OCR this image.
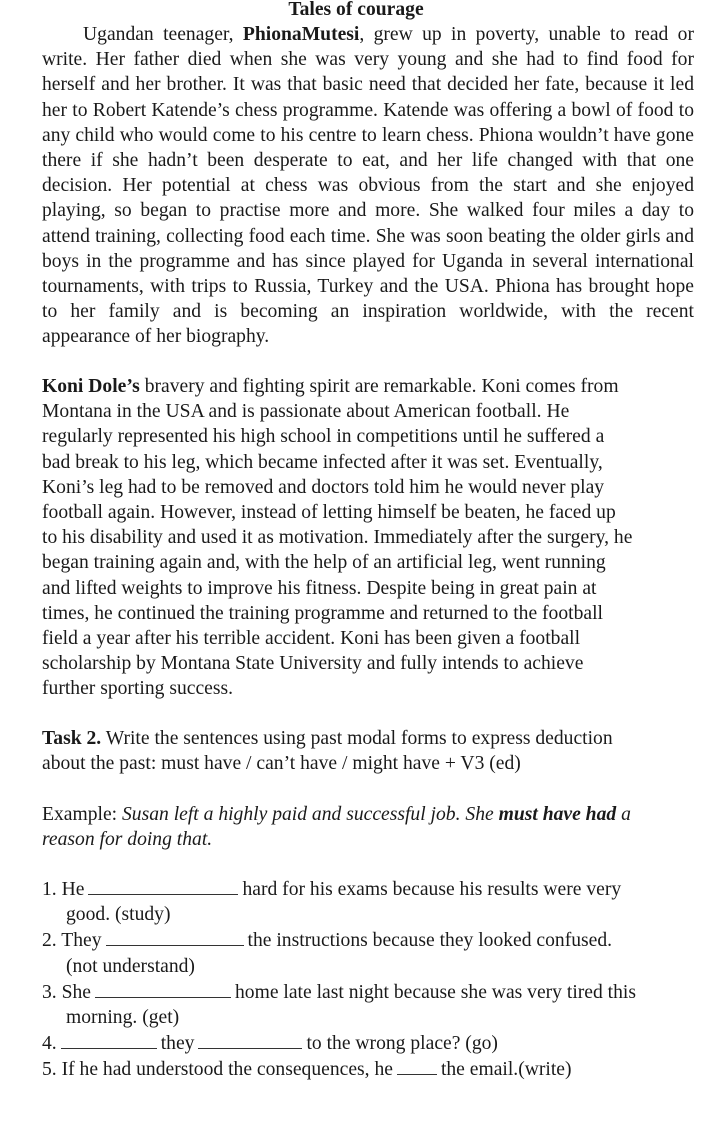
Tales of courage

Ugandan teenager, PhionaMutesi, grew up in poverty, unable to read or write. Her father died when she was very young and she had to find food for herself and her brother. It was that basic need that decided her fate, because it led her to Robert Katende’s chess programme. Katende was offering a bowl of food to any child who would come to his centre to learn chess. Phiona wouldn’t have gone there if she hadn’t been desperate to eat, and her life changed with that one decision. Her potential at chess was obvious from the start and she enjoyed playing, so began to practise more and more. She walked four miles a day to attend training, collecting food each time. She was soon beating the older girls and boys in the programme and has since played for Uganda in several international tournaments, with trips to Russia, Turkey and the USA. Phiona has brought hope to her family and is becoming an inspiration worldwide, with the recent appearance of her biography.

Koni Dole’s bravery and fighting spirit are remarkable. Koni comes from
Montana in the USA and is passionate about American football. He
regularly represented his high school in competitions until he suffered a
bad break to his leg, which became infected after it was set. Eventually,
Koni’s leg had to be removed and doctors told him he would never play
football again. However, instead of letting himself be beaten, he faced up
to his disability and used it as motivation. Immediately after the surgery, he
began training again and, with the help of an artificial leg, went running
and lifted weights to improve his fitness. Despite being in great pain at
times, he continued the training programme and returned to the football
field a year after his terrible accident. Koni has been given a football
scholarship by Montana State University and fully intends to achieve
further sporting success.
Task 2. Write the sentences using past modal forms to express deduction
about the past: must have / can’t have / might have + V3 (ed)
Example: Susan left a highly paid and successful job. She must have had a
reason for doing that.
1. He	hard for his exams because his results were very
good. (study)
2. They	the instructions because they looked confused.
(not understand)
3. She	home late last night because she was very tired this
morning. (get)
4.	they	to the wrong place? (go)
5. If he had understood the consequences, he the email.(write)
